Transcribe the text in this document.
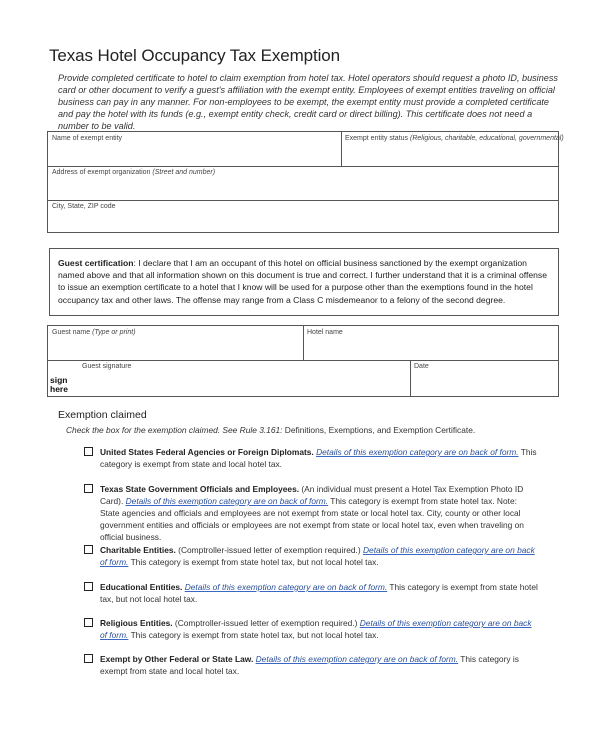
Texas Hotel Occupancy Tax Exemption
Provide completed certificate to hotel to claim exemption from hotel tax. Hotel operators should request a photo ID, business card or other document to verify a guest's affiliation with the exempt entity. Employees of exempt entities traveling on official business can pay in any manner. For non-employees to be exempt, the exempt entity must provide a completed certificate and pay the hotel with its funds (e.g., exempt entity check, credit card or direct billing). This certificate does not need a number to be valid.
Name of exempt entity	Exempt entity status (Religious, charitable, educational, governmental)
Address of exempt organization (Street and number)
City, State, ZIP code
Guest certification: I declare that I am an occupant of this hotel on official business sanctioned by the exempt organization named above and that all information shown on this document is true and correct. I further understand that it is a criminal offense to issue an exemption certificate to a hotel that I know will be used for a purpose other than the exemptions found in the hotel occupancy tax and other laws. The offense may range from a Class C misdemeanor to a felony of the second degree.
Guest name (Type or print)	Hotel name
Guest signature
sign
here
Date
Exemption claimed
Check the box for the exemption claimed. See Rule 3.161: Definitions, Exemptions, and Exemption Certificate.
United States Federal Agencies or Foreign Diplomats. Details of this exemption category are on back of form. This category is exempt from state and local hotel tax.
Texas State Government Officials and Employees. (An individual must present a Hotel Tax Exemption Photo ID Card). Details of this exemption category are on back of form. This category is exempt from state hotel tax. Note: State agencies and officials and employees are not exempt from state or local hotel tax. City, county or other local government entities and officials or employees are not exempt from state or local hotel tax, even when traveling on official business.
Charitable Entities. (Comptroller-issued letter of exemption required.) Details of this exemption category are on back of form. This category is exempt from state hotel tax, but not local hotel tax.
Educational Entities. Details of this exemption category are on back of form. This category is exempt from state hotel tax, but not local hotel tax.
Religious Entities. (Comptroller-issued letter of exemption required.) Details of this exemption category are on back of form. This category is exempt from state hotel tax, but not local hotel tax.
Exempt by Other Federal or State Law. Details of this exemption category are on back of form. This category is exempt from state and local hotel tax.
